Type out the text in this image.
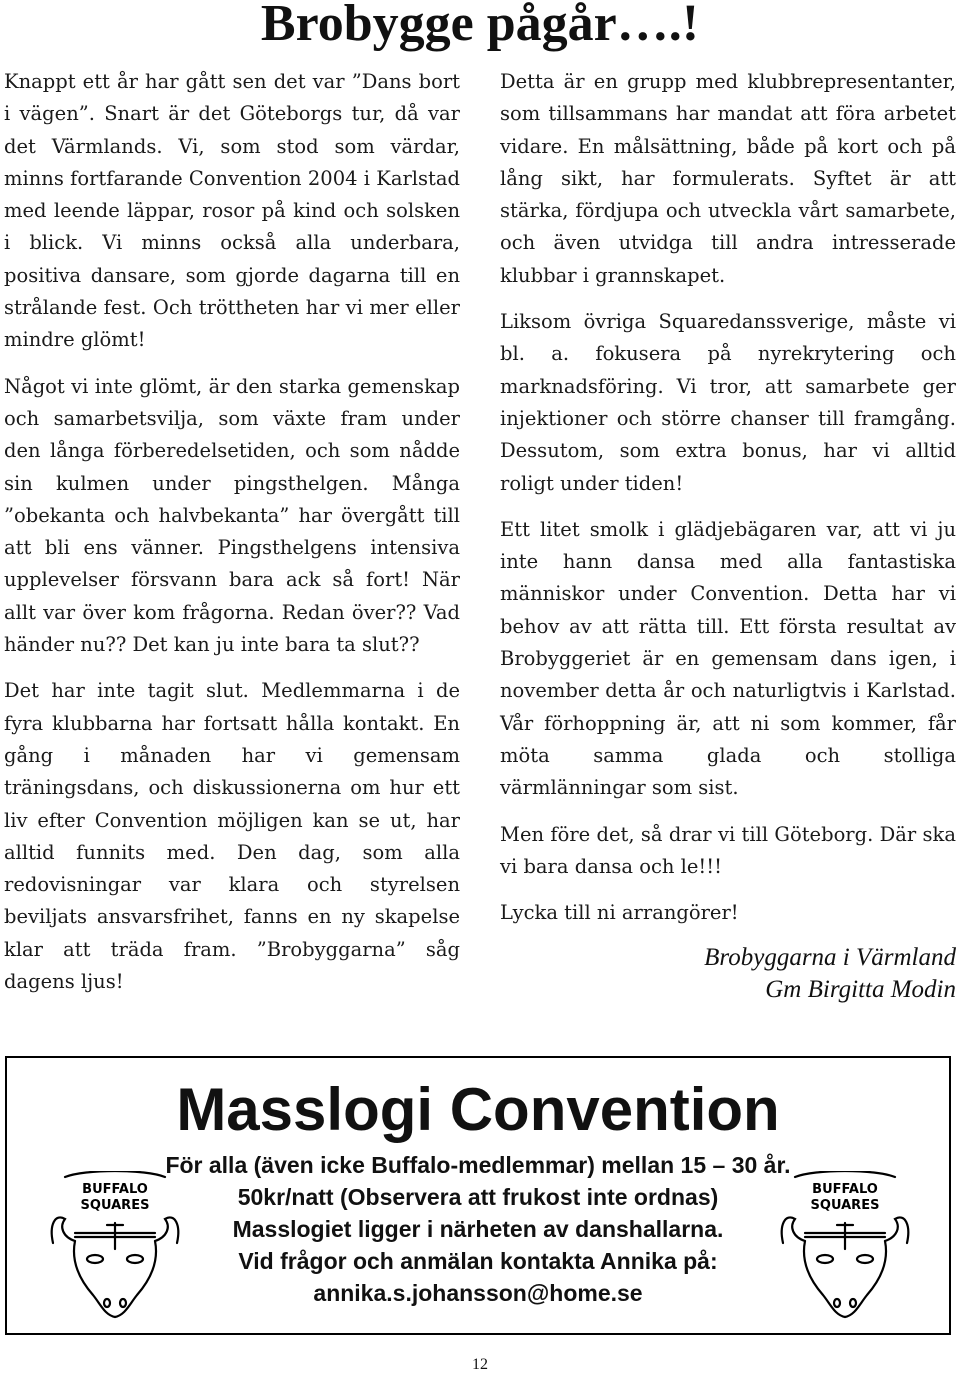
Brobygge pågår….!

Knappt ett år har gått sen det var ”Dans bort i vägen”. Snart är det Göteborgs tur, då var det Värmlands. Vi, som stod som värdar, minns fortfarande Convention 2004 i Karlstad med leende läppar, rosor på kind och solsken i blick. Vi minns också alla underbara, positiva dansare, som gjorde dagarna till en strålande fest. Och tröttheten har vi mer eller mindre glömt!

Något vi inte glömt, är den starka gemenskap och samarbetsvilja, som växte fram under den långa förberedelsetiden, och som nådde sin kulmen under pingsthelgen. Många ”obekanta och halvbekanta” har övergått till att bli ens vänner. Pingsthelgens intensiva upplevelser försvann bara ack så fort! När allt var över kom frågorna. Redan över?? Vad händer nu?? Det kan ju inte bara ta slut??

Det har inte tagit slut. Medlemmarna i de fyra klubbarna har fortsatt hålla kontakt. En gång i månaden har vi gemensam träningsdans, och diskussionerna om hur ett liv efter Convention möjligen kan se ut, har alltid funnits med. Den dag, som alla redovisningar var klara och styrelsen beviljats ansvarsfrihet, fanns en ny skapelse klar att träda fram. ”Brobyggarna” såg dagens ljus!

Detta är en grupp med klubbrepresentanter, som tillsammans har mandat att föra arbetet vidare. En målsättning, både på kort och på lång sikt, har formulerats. Syftet är att stärka, fördjupa och utveckla vårt samarbete, och även utvidga till andra intresserade klubbar i grannskapet.

Liksom övriga Squaredanssverige, måste vi bl. a. fokusera på nyrekrytering och marknadsföring. Vi tror, att samarbete ger injektioner och större chanser till framgång. Dessutom, som extra bonus, har vi alltid roligt under tiden!

Ett litet smolk i glädjebägaren var, att vi ju inte hann dansa med alla fantastiska människor under Convention. Detta har vi behov av att rätta till. Ett första resultat av Brobyggeriet är en gemensam dans igen, i november detta år och naturligtvis i Karlstad. Vår förhoppning är, att ni som kommer, får möta samma glada och stolliga värmlänningar som sist.

Men före det, så drar vi till Göteborg. Där ska vi bara dansa och le!!!

Lycka till ni arrangörer!

Brobyggarna i Värmland
Gm Birgitta Modin
Masslogi Convention
För alla (även icke Buffalo-medlemmar) mellan 15 – 30 år.
50kr/natt (Observera att frukost inte ordnas)
Masslogiet ligger i närheten av danshallarna.
Vid frågor och anmälan kontakta Annika på:
annika.s.johansson@home.se
BUFFALO
SQUARES
BUFFALO
SQUARES
12
